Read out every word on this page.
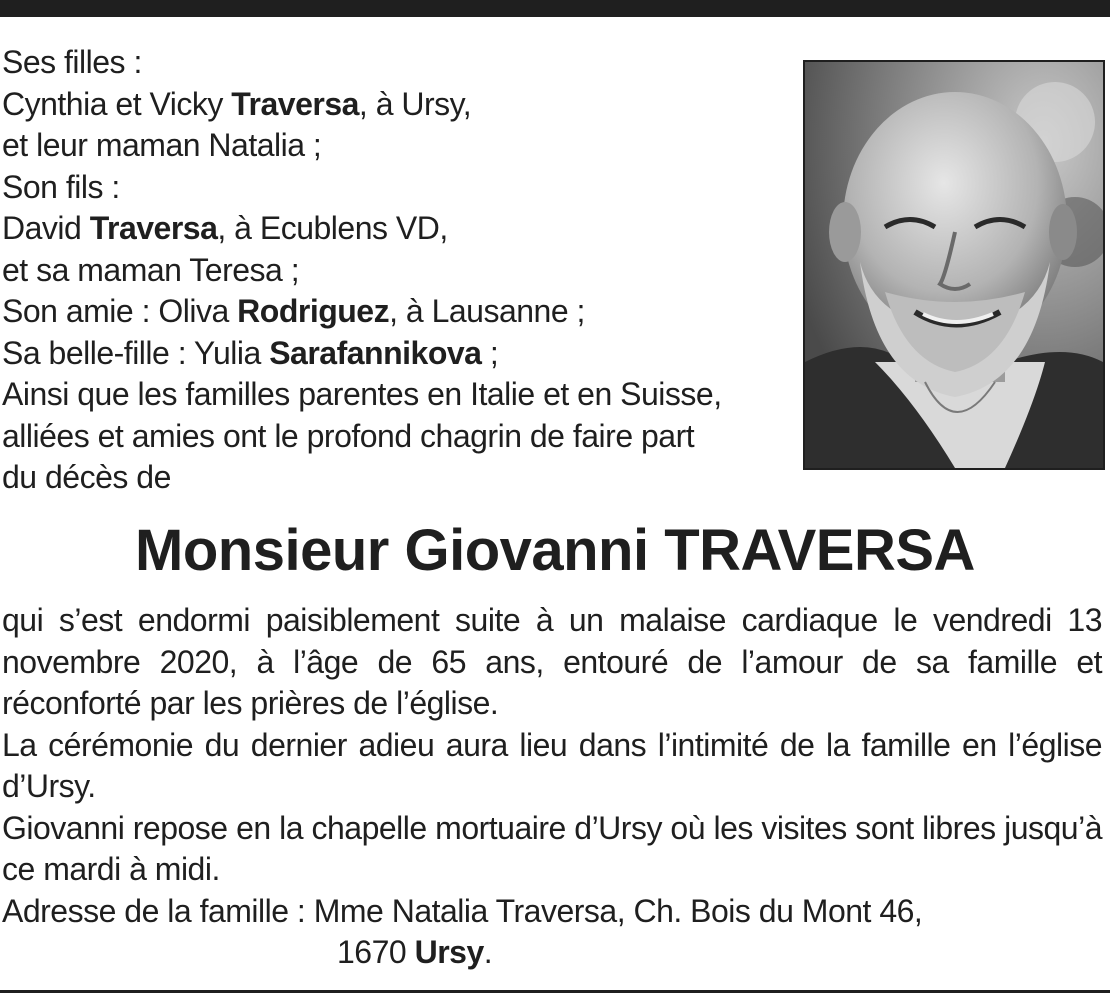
Ses filles :
Cynthia et Vicky Traversa, à Ursy,
et leur maman Natalia ;
Son fils :
David Traversa, à Ecublens VD,
et sa maman Teresa ;
Son amie : Oliva Rodriguez, à Lausanne ;
Sa belle-fille : Yulia Sarafannikova ;
Ainsi que les familles parentes en Italie et en Suisse,
alliées et amies ont le profond chagrin de faire part
du décès de
Monsieur Giovanni TRAVERSA
qui s’est endormi paisiblement suite à un malaise cardiaque le vendredi 13 novembre 2020, à l’âge de 65 ans, entouré de l’amour de sa famille et réconforté par les prières de l’église.
La cérémonie du dernier adieu aura lieu dans l’intimité de la famille en l’église d’Ursy.
Giovanni repose en la chapelle mortuaire d’Ursy où les visites sont libres jusqu’à ce mardi à midi.
Adresse de la famille : Mme Natalia Traversa, Ch. Bois du Mont 46,
1670 Ursy.
